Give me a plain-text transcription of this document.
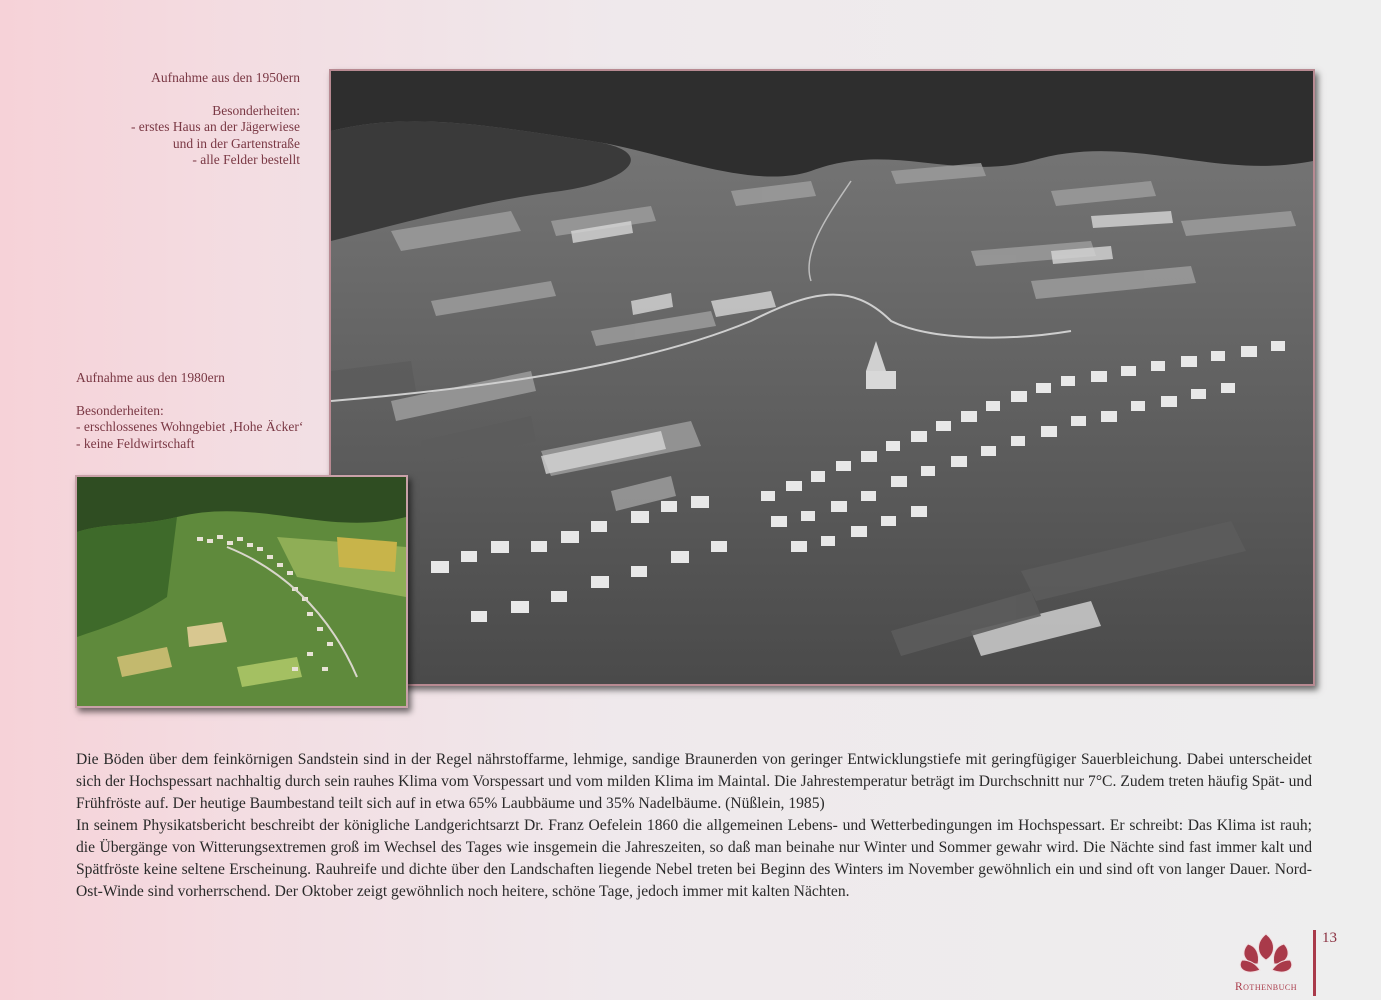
Aufnahme aus den 1950ern

Besonderheiten:

- erstes Haus an der Jägerwiese

und in der Gartenstraße

- alle Felder bestellt

Aufnahme aus den 1980ern

Besonderheiten:

- erschlossenes Wohngebiet ‚Hohe Äcker‘

- keine Feldwirtschaft

Die Böden über dem feinkörnigen Sandstein sind in der Regel nährstoffarme, lehmige, sandige Braunerden von geringer Entwicklungstiefe mit geringfügiger Sauerbleichung. Dabei unterscheidet sich der Hochspessart nachhaltig durch sein rauhes Klima vom Vorspessart und vom milden Klima im Maintal. Die Jahrestemperatur beträgt im Durchschnitt nur 7°C. Zudem treten häufig Spät- und Frühfröste auf. Der heutige Baumbestand teilt sich auf in etwa 65% Laubbäume und 35% Nadelbäume. (Nüßlein, 1985)

In seinem Physikatsbericht beschreibt der königliche Landgerichtsarzt Dr. Franz Oefelein 1860 die allgemeinen Lebens- und Wetterbedingungen im Hochspessart. Er schreibt: Das Klima ist rauh; die Übergänge von Witterungsextremen groß im Wechsel des Tages wie insgemein die Jahreszeiten, so daß man beinahe nur Winter und Sommer gewahr wird. Die Nächte sind fast immer kalt und Spätfröste keine seltene Erscheinung. Rauhreife und dichte über den Landschaften liegende Nebel treten bei Beginn des Winters im November gewöhnlich ein und sind oft von langer Dauer. Nord-Ost-Winde sind vorherrschend. Der Oktober zeigt gewöhnlich noch heitere, schöne Tage, jedoch immer mit kalten Nächten.

Rothenbuch
13
